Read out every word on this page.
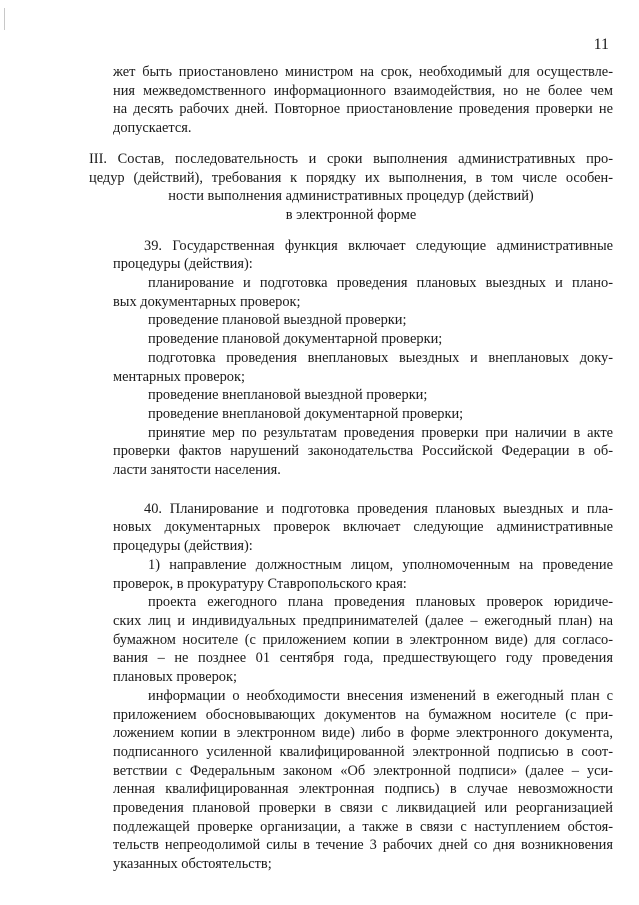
11
жет быть приостановлено министром на срок, необходимый для осуществле-
ния межведомственного информационного взаимодействия, но не более чем
на десять рабочих дней. Повторное приостановление проведения проверки не
допускается.
III. Состав, последовательность и сроки выполнения административных про-
цедур (действий), требования к порядку их выполнения, в том числе особен-
ности выполнения административных процедур (действий)
в электронной форме
39. Государственная функция включает следующие административные
процедуры (действия):
планирование и подготовка проведения плановых выездных и плано-
вых документарных проверок;
проведение плановой выездной проверки;
проведение плановой документарной проверки;
подготовка проведения внеплановых выездных и внеплановых доку-
ментарных проверок;
проведение внеплановой выездной проверки;
проведение внеплановой документарной проверки;
принятие мер по результатам проведения проверки при наличии в акте
проверки фактов нарушений законодательства Российской Федерации в об-
ласти занятости населения.
40. Планирование и подготовка проведения плановых выездных и пла-
новых документарных проверок включает следующие административные
процедуры (действия):
1) направление должностным лицом, уполномоченным на проведение
проверок, в прокуратуру Ставропольского края:
проекта ежегодного плана проведения плановых проверок юридиче-
ских лиц и индивидуальных предпринимателей (далее – ежегодный план) на
бумажном носителе (с приложением копии в электронном виде) для согласо-
вания – не позднее 01 сентября года, предшествующего году проведения
плановых проверок;
информации о необходимости внесения изменений в ежегодный план с
приложением обосновывающих документов на бумажном носителе (с при-
ложением копии в электронном виде) либо в форме электронного документа,
подписанного усиленной квалифицированной электронной подписью в соот-
ветствии с Федеральным законом «Об электронной подписи» (далее – уси-
ленная квалифицированная электронная подпись) в случае невозможности
проведения плановой проверки в связи с ликвидацией или реорганизацией
подлежащей проверке организации, а также в связи с наступлением обстоя-
тельств непреодолимой силы в течение 3 рабочих дней со дня возникновения
указанных обстоятельств;
